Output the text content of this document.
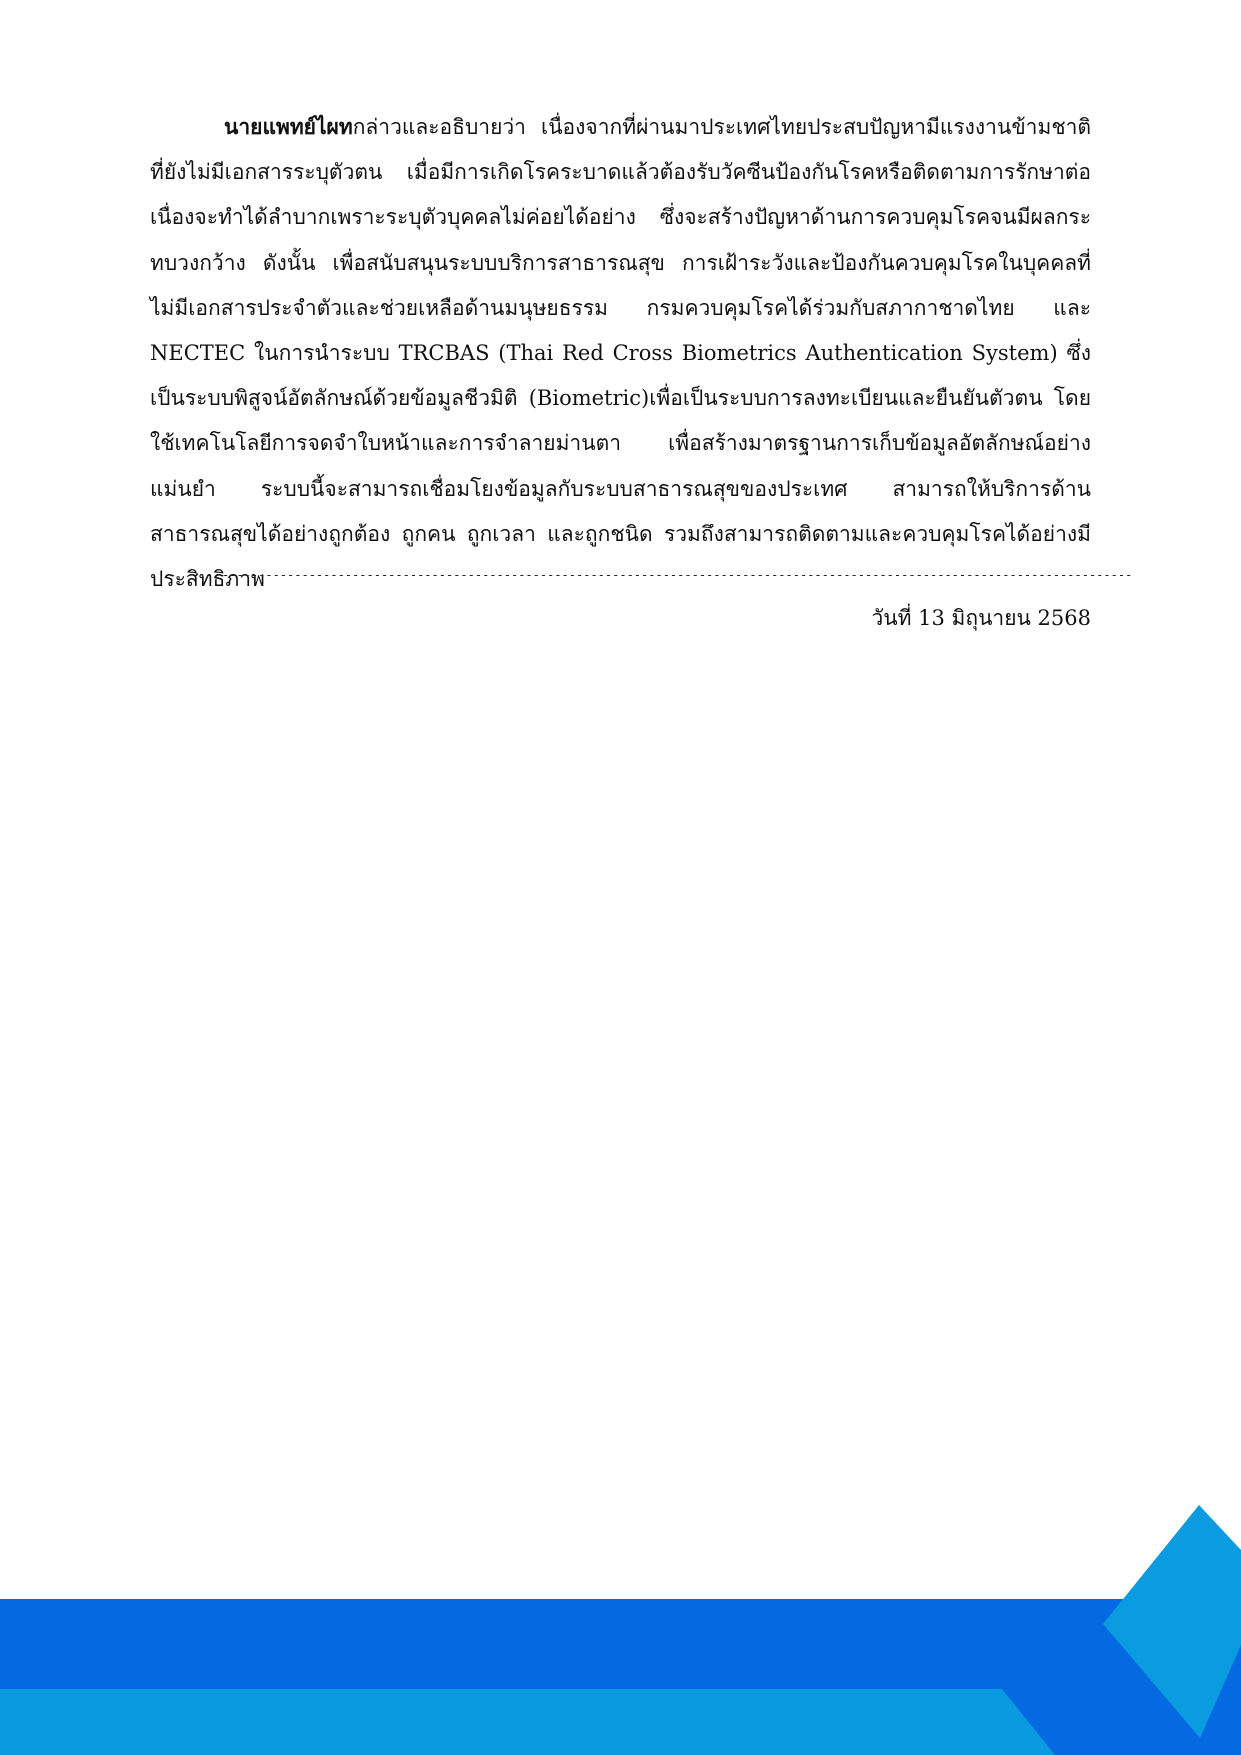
นายแพทย์ไผทกล่าวและอธิบายว่า เนื่องจากที่ผ่านมาประเทศไทยประสบปัญหามีแรงงานข้ามชาติที่ยังไม่มีเอกสารระบุตัวตน เมื่อมีการเกิดโรคระบาดแล้วต้องรับวัคซีนป้องกันโรคหรือติดตามการรักษาต่อเนื่องจะทำได้ลำบากเพราะระบุตัวบุคคลไม่ค่อยได้อย่าง ซึ่งจะสร้างปัญหาด้านการควบคุมโรคจนมีผลกระทบวงกว้าง ดังนั้น เพื่อสนับสนุนระบบบริการสาธารณสุข การเฝ้าระวังและป้องกันควบคุมโรคในบุคคลที่ไม่มีเอกสารประจำตัวและช่วยเหลือด้านมนุษยธรรม กรมควบคุมโรคได้ร่วมกับสภากาชาดไทย และ NECTEC ในการนำระบบ TRCBAS (Thai Red Cross Biometrics Authentication System) ซึ่งเป็นระบบพิสูจน์อัตลักษณ์ด้วยข้อมูลชีวมิติ (Biometric)เพื่อเป็นระบบการลงทะเบียนและยืนยันตัวตน โดยใช้เทคโนโลยีการจดจำใบหน้าและการจำลายม่านตา เพื่อสร้างมาตรฐานการเก็บข้อมูลอัตลักษณ์อย่างแม่นยำ ระบบนี้จะสามารถเชื่อมโยงข้อมูลกับระบบสาธารณสุขของประเทศ สามารถให้บริการด้านสาธารณสุขได้อย่างถูกต้อง ถูกคน ถูกเวลา และถูกชนิด รวมถึงสามารถติดตามและควบคุมโรคได้อย่างมีประสิทธิภาพ

------------------------------------------------------------------------------------------------------------------------------
วันที่ 13 มิถุนายน 2568
